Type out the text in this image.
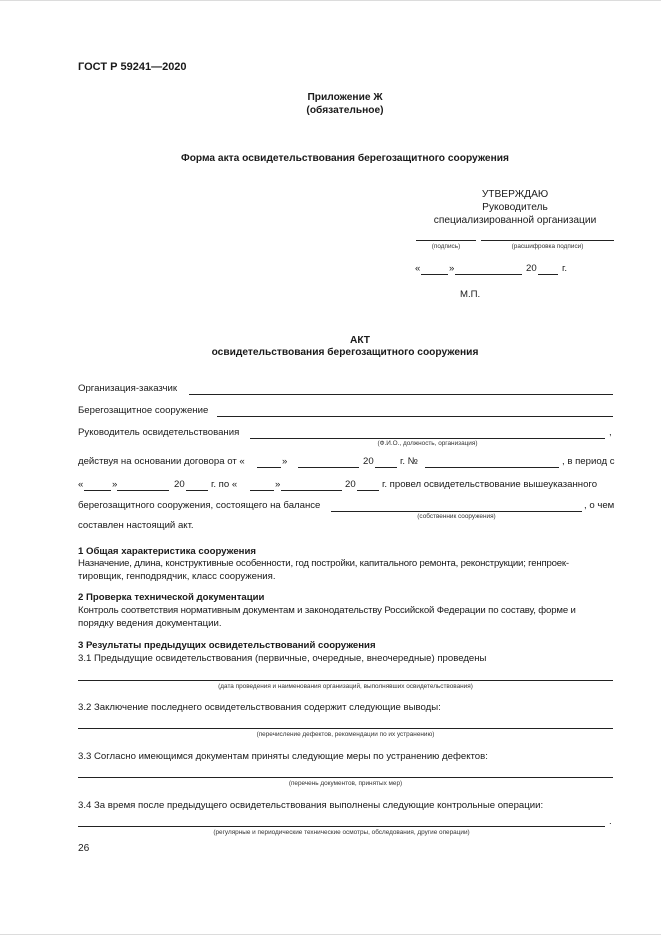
ГОСТ Р 59241—2020
Приложение Ж
(обязательное)
Форма акта освидетельствования берегозащитного сооружения
УТВЕРЖДАЮ
Руководитель
специализированной организации
(подпись)	(расшифровка подписи)
«	»	20	г.
М.П.
АКТ
освидетельствования берегозащитного сооружения
Организация-заказчик
Берегозащитное сооружение
Руководитель освидетельствования	,
(Ф.И.О., должность, организация)
действуя на основании договора от «	»	20	г. №	, в период с
«	»	20	г. по «	»	20	г. провел освидетельствование вышеуказанного
берегозащитного сооружения, состоящего на балансе	, о чем
(собственник сооружения)
составлен настоящий акт.
1 Общая характеристика сооружения
Назначение, длина, конструктивные особенности, год постройки, капитального ремонта, реконструкции; генпроек-
тировщик, генподрядчик, класс сооружения.
2 Проверка технической документации
Контроль соответствия нормативным документам и законодательству Российской Федерации по составу, форме и
порядку ведения документации.
3 Результаты предыдущих освидетельствований сооружения
3.1 Предыдущие освидетельствования (первичные, очередные, внеочередные) проведены
(дата проведения и наименования организаций, выполнявших освидетельствования)
3.2 Заключение последнего освидетельствования содержит следующие выводы:
(перечисление дефектов, рекомендации по их устранению)
3.3 Согласно имеющимся документам приняты следующие меры по устранению дефектов:
(перечень документов, принятых мер)
3.4 За время после предыдущего освидетельствования выполнены следующие контрольные операции:
.
(регулярные и периодические технические осмотры, обследования, другие операции)
26
